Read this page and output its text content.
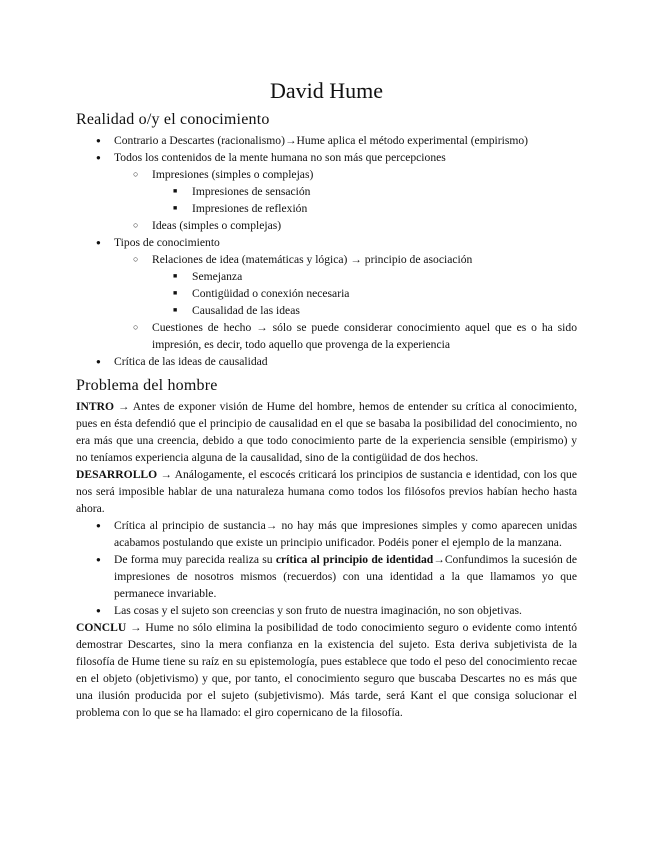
David Hume
Realidad o/y el conocimiento
● Contrario a Descartes (racionalismo)→Hume aplica el método experimental (empirismo)
● Todos los contenidos de la mente humana no son más que percepciones
○ Impresiones (simples o complejas)
■ Impresiones de sensación
■ Impresiones de reflexión
○ Ideas (simples o complejas)
● Tipos de conocimiento
○ Relaciones de idea (matemáticas y lógica) → principio de asociación
■ Semejanza
■ Contigüidad o conexión necesaria
■ Causalidad de las ideas
○ Cuestiones de hecho → sólo se puede considerar conocimiento aquel que es o ha sido impresión, es decir, todo aquello que provenga de la experiencia
● Crítica de las ideas de causalidad
Problema del hombre

INTRO → Antes de exponer visión de Hume del hombre, hemos de entender su crítica al conocimiento, pues en ésta defendió que el principio de causalidad en el que se basaba la posibilidad del conocimiento, no era más que una creencia, debido a que todo conocimiento parte de la experiencia sensible (empirismo) y no teníamos experiencia alguna de la causalidad, sino de la contigüidad de dos hechos.

DESARROLLO → Análogamente, el escocés criticará los principios de sustancia e identidad, con los que nos será imposible hablar de una naturaleza humana como todos los filósofos previos habían hecho hasta ahora.

● Crítica al principio de sustancia→ no hay más que impresiones simples y como aparecen unidas acabamos postulando que existe un principio unificador. Podéis poner el ejemplo de la manzana.
● De forma muy parecida realiza su crítica al principio de identidad→Confundimos la sucesión de impresiones de nosotros mismos (recuerdos) con una identidad a la que llamamos yo que permanece invariable.
● Las cosas y el sujeto son creencias y son fruto de nuestra imaginación, no son objetivas.

CONCLU → Hume no sólo elimina la posibilidad de todo conocimiento seguro o evidente como intentó demostrar Descartes, sino la mera confianza en la existencia del sujeto. Esta deriva subjetivista de la filosofía de Hume tiene su raíz en su epistemología, pues establece que todo el peso del conocimiento recae en el objeto (objetivismo) y que, por tanto, el conocimiento seguro que buscaba Descartes no es más que una ilusión producida por el sujeto (subjetivismo). Más tarde, será Kant el que consiga solucionar el problema con lo que se ha llamado: el giro copernicano de la filosofía.
